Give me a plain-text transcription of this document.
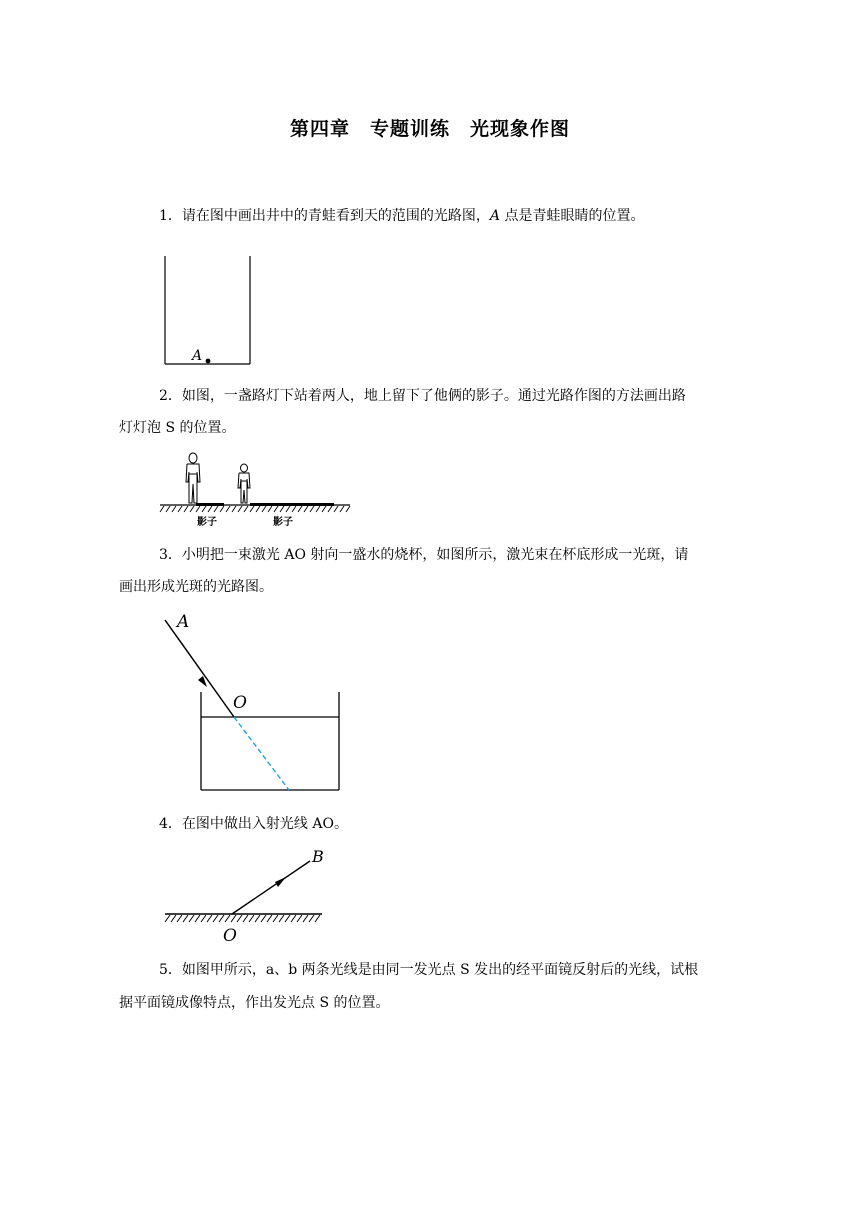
第四章　专题训练　光现象作图
1．请在图中画出井中的青蛙看到天的范围的光路图，A 点是青蛙眼睛的位置。
A
2．如图，一盏路灯下站着两人，地上留下了他俩的影子。通过光路作图的方法画出路
灯灯泡 S 的位置。
影子	影子
3．小明把一束激光 AO 射向一盛水的烧杯，如图所示，激光束在杯底形成一光斑，请
画出形成光斑的光路图。
A
O
4．在图中做出入射光线 AO。
B
O
5．如图甲所示，a、b 两条光线是由同一发光点 S 发出的经平面镜反射后的光线，试根
据平面镜成像特点，作出发光点 S 的位置。
